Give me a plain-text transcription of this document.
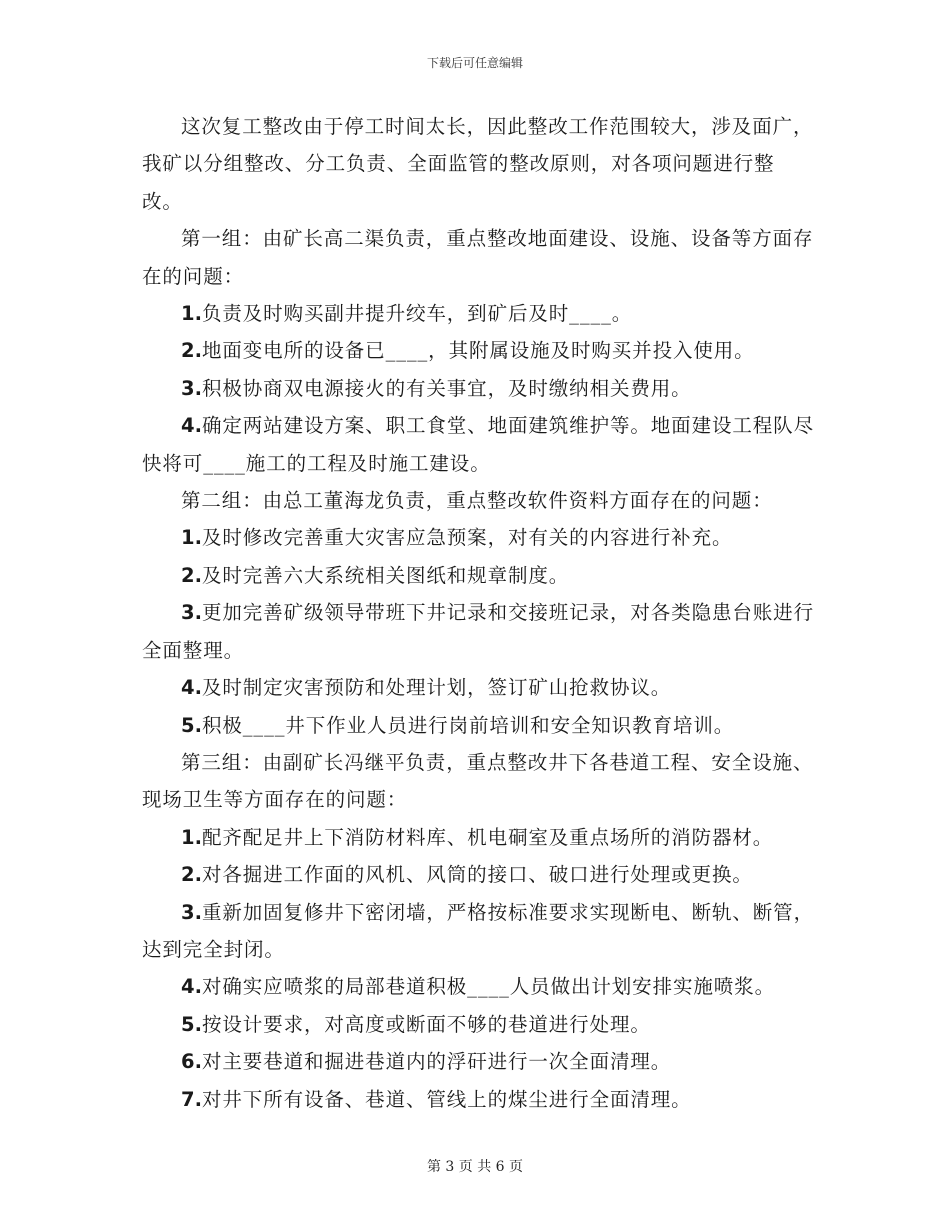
下载后可任意编辑

这次复工整改由于停工时间太长，因此整改工作范围较大，涉及面广，我矿以分组整改、分工负责、全面监管的整改原则，对各项问题进行整改。

第一组：由矿长高二渠负责，重点整改地面建设、设施、设备等方面存在的问题：

1.负责及时购买副井提升绞车，到矿后及时____。

2.地面变电所的设备已____，其附属设施及时购买并投入使用。

3.积极协商双电源接火的有关事宜，及时缴纳相关费用。

4.确定两站建设方案、职工食堂、地面建筑维护等。地面建设工程队尽快将可____施工的工程及时施工建设。

第二组：由总工董海龙负责，重点整改软件资料方面存在的问题：

1.及时修改完善重大灾害应急预案，对有关的内容进行补充。

2.及时完善六大系统相关图纸和规章制度。

3.更加完善矿级领导带班下井记录和交接班记录，对各类隐患台账进行全面整理。

4.及时制定灾害预防和处理计划，签订矿山抢救协议。

5.积极____井下作业人员进行岗前培训和安全知识教育培训。

第三组：由副矿长冯继平负责，重点整改井下各巷道工程、安全设施、现场卫生等方面存在的问题：

1.配齐配足井上下消防材料库、机电硐室及重点场所的消防器材。

2.对各掘进工作面的风机、风筒的接口、破口进行处理或更换。

3.重新加固复修井下密闭墙，严格按标准要求实现断电、断轨、断管，达到完全封闭。

4.对确实应喷浆的局部巷道积极____人员做出计划安排实施喷浆。

5.按设计要求，对高度或断面不够的巷道进行处理。

6.对主要巷道和掘进巷道内的浮矸进行一次全面清理。

7.对井下所有设备、巷道、管线上的煤尘进行全面清理。

第 3 页 共 6 页
